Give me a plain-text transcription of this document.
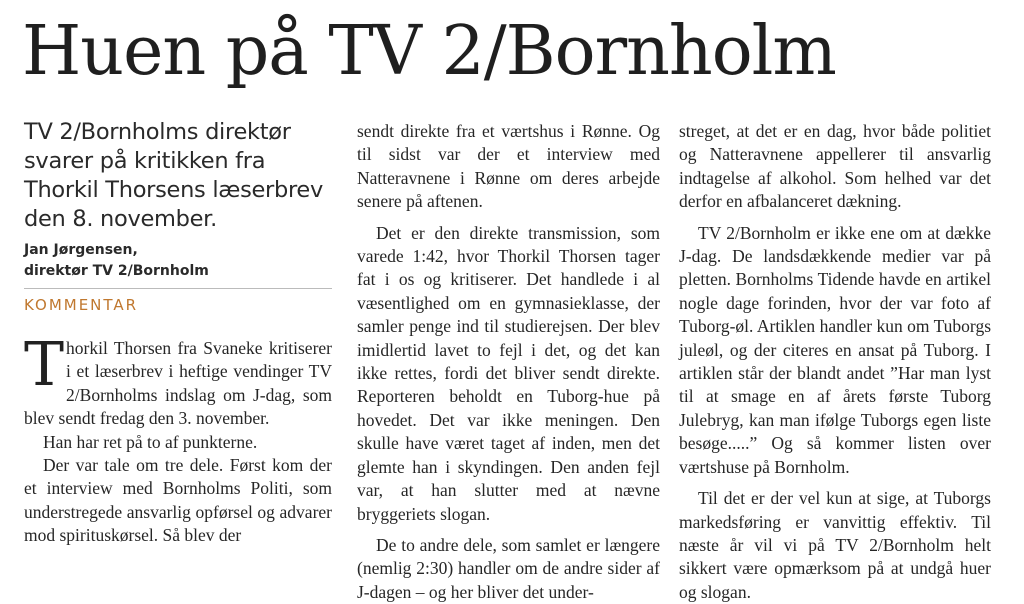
Huen på TV 2/Bornholm
TV 2/Bornholms direktør svarer på kritikken fra Thorkil Thorsens læserbrev den 8. november.
Jan Jørgensen,
direktør TV 2/Bornholm
KOMMENTAR

Thorkil Thorsen fra Svaneke kritiserer i et læserbrev i heftige vendinger TV 2/Bornholms indslag om J-dag, som blev sendt fredag den 3. november.

Han har ret på to af punkterne.

Der var tale om tre dele. Først kom der et interview med Bornholms Politi, som understregede ansvarlig opførsel og advarer mod spirituskørsel. Så blev der

sendt direkte fra et værtshus i Rønne. Og til sidst var der et interview med Natteravnene i Rønne om deres arbejde senere på aftenen.

Det er den direkte transmission, som varede 1:42, hvor Thorkil Thorsen tager fat i os og kritiserer. Det handlede i al væsentlighed om en gymnasieklasse, der samler penge ind til studierejsen. Der blev imidlertid lavet to fejl i det, og det kan ikke rettes, fordi det bliver sendt direkte. Reporteren beholdt en Tuborg-hue på hovedet. Det var ikke meningen. Den skulle have været taget af inden, men det glemte han i skyndingen. Den anden fejl var, at han slutter med at nævne bryggeriets slogan.

De to andre dele, som samlet er længere (nemlig 2:30) handler om de andre sider af J-dagen – og her bliver det under-

streget, at det er en dag, hvor både politiet og Natteravnene appellerer til ansvarlig indtagelse af alkohol. Som helhed var det derfor en afbalanceret dækning.

TV 2/Bornholm er ikke ene om at dække J-dag. De landsdækkende medier var på pletten. Bornholms Tidende havde en artikel nogle dage forinden, hvor der var foto af Tuborg-øl. Artiklen handler kun om Tuborgs juleøl, og der citeres en ansat på Tuborg. I artiklen står der blandt andet ”Har man lyst til at smage en af årets første Tuborg Julebryg, kan man ifølge Tuborgs egen liste besøge.....” Og så kommer listen over værtshuse på Bornholm.

Til det er der vel kun at sige, at Tuborgs markedsføring er vanvittig effektiv. Til næste år vil vi på TV 2/Bornholm helt sikkert være opmærksom på at undgå huer og slogan.
